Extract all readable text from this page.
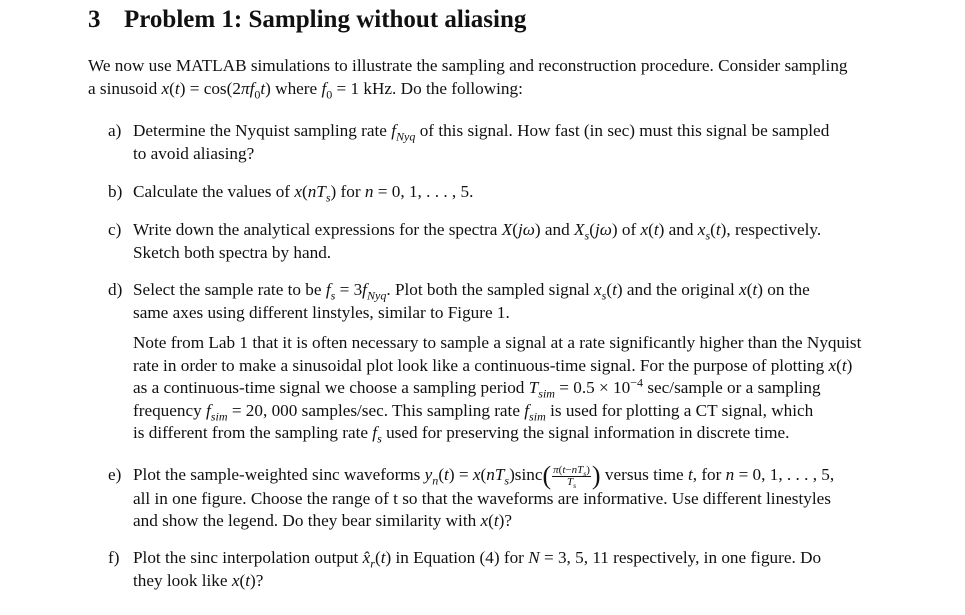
3 Problem 1: Sampling without aliasing
We now use MATLAB simulations to illustrate the sampling and reconstruction procedure. Consider sampling
a sinusoid $x(t) = \cos(2\pi f_0t)$ where $f_0 = 1$ kHz. Do the following:
a) Determine the Nyquist sampling rate $f_{Nyq}$ of this signal. How fast (in sec) must this signal be sampled
to avoid aliasing?
b) Calculate the values of $x(nT_s)$ for n = 0, 1, . . . , 5.
c) Write down the analytical expressions for the spectra X(jω) and $X_s(j\omega)$ of x(t) and $x_s(t)$, respectively.
Sketch both spectra by hand.
d) Select the sample rate to be $f_s = 3f_{Nyq}$. Plot both the sampled signal $x_s(t)$ and the original x(t) on the
same axes using different linstyles, similar to Figure 1.
Note from Lab 1 that it is often necessary to sample a signal at a rate significantly higher than the Nyquist
rate in order to make a sinusoidal plot look like a continuous-time signal. For the purpose of plotting x(t)
as a continuous-time signal we choose a sampling period $T_{sim} = 0.5 \times 10^{-4}$ sec/sample or a sampling
frequency $f_{sim} = 20$, 000 samples/sec. This sampling rate $f_{sim}$ is used for plotting a CT signal, which
is different from the sampling rate $f_s$ used for preserving the signal information in discrete time.
e) Plot the sample-weighted sinc waveforms $y_n(t) = x(nT_s)\sin c( \frac{\pi(t-nT_s)}{T_s}$ ) versus time t, for n = 0, 1, . . . , 5,
all in one figure. Choose the range of t so that the waveforms are informative. Use different linestyles
and show the legend. Do they bear similarity with x(t)?
f) Plot the sinc interpolation output $x̂_r(t)$ in Equation (4) for N = 3, 5, 11 respectively, in one figure. Do
they look like x(t)?
